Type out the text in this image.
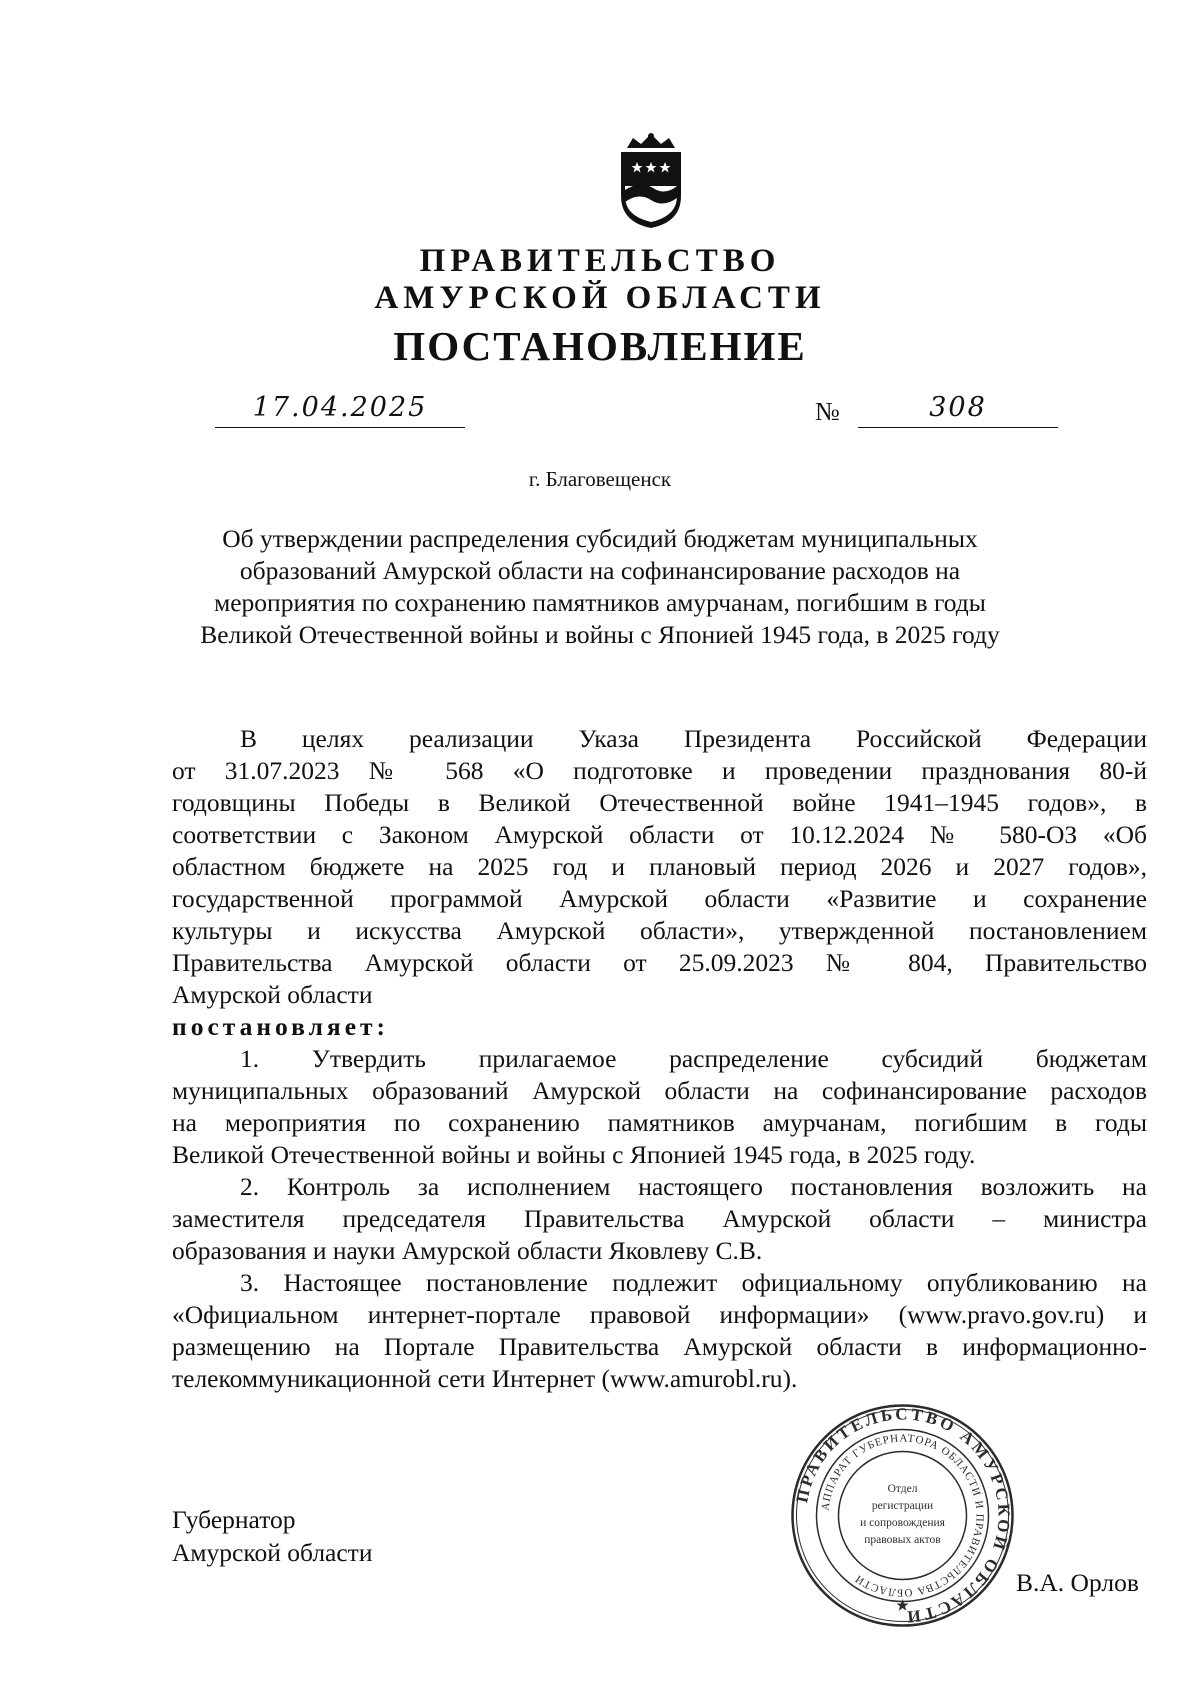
ПРАВИТЕЛЬСТВО
АМУРСКОЙ ОБЛАСТИ
ПОСТАНОВЛЕНИЕ
17.04.2025	№	308
г. Благовещенск
Об утверждении распределения субсидий бюджетам муниципальных
образований Амурской области на софинансирование расходов на
мероприятия по сохранению памятников амурчанам, погибшим в годы
Великой Отечественной войны и войны с Японией 1945 года, в 2025 году
В целях реализации Указа Президента Российской Федерации
от 31.07.2023 № 568 «О подготовке и проведении празднования 80-й
годовщины Победы в Великой Отечественной войне 1941–1945 годов», в
соответствии с Законом Амурской области от 10.12.2024 № 580-ОЗ «Об
областном бюджете на 2025 год и плановый период 2026 и 2027 годов»,
государственной программой Амурской области «Развитие и сохранение
культуры и искусства Амурской области», утвержденной постановлением
Правительства Амурской области от 25.09.2023 № 804, Правительство
Амурской области
постановляет:
1. Утвердить прилагаемое распределение субсидий бюджетам
муниципальных образований Амурской области на софинансирование расходов
на мероприятия по сохранению памятников амурчанам, погибшим в годы
Великой Отечественной войны и войны с Японией 1945 года, в 2025 году.
2. Контроль за исполнением настоящего постановления возложить на
заместителя председателя Правительства Амурской области – министра
образования и науки Амурской области Яковлеву С.В.
3. Настоящее постановление подлежит официальному опубликованию на
«Официальном интернет-портале правовой информации» (www.pravo.gov.ru) и
размещению на Портале Правительства Амурской области в информационно-
телекоммуникационной сети Интернет (www.amurobl.ru).
Губернатор
Амурской области
ПРАВИТЕЛЬСТВО АМУРСКОЙ ОБЛАСТИ
АППАРАТ ГУБЕРНАТОРА ОБЛАСТИ И ПРАВИТЕЛЬСТВА ОБЛАСТИ
Отдел
регистрации
и сопровождения
правовых актов
В.А. Орлов
